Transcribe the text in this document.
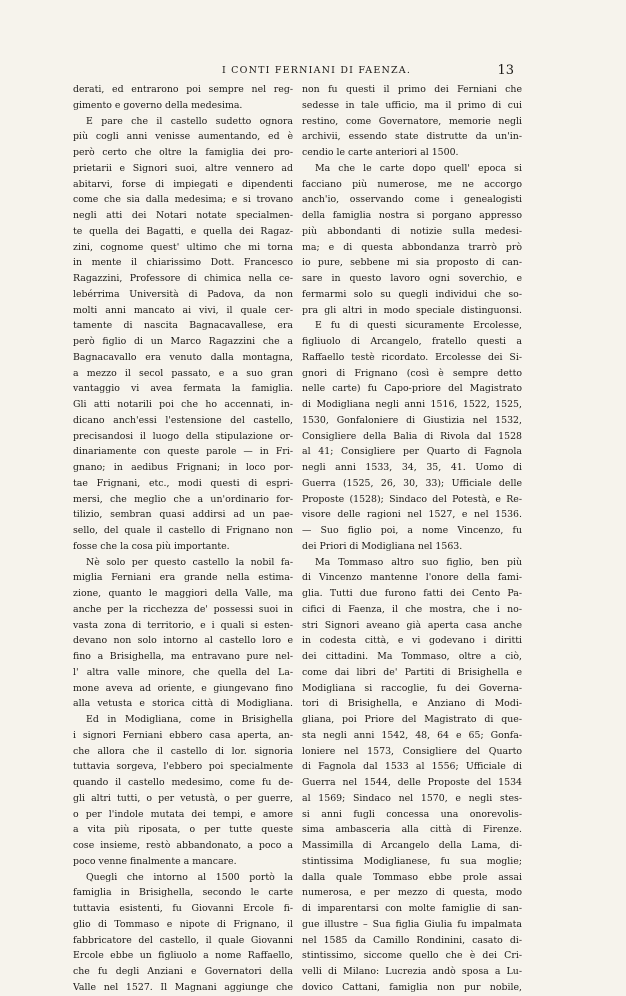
I CONTI FERNIANI DI FAENZA.	13
derati, ed entrarono poi sempre nel reg-
gimento e governo della medesima.
E pare che il castello sudetto ognora
più cogli anni venisse aumentando, ed è
però certo che oltre la famiglia dei pro-
prietarii e Signori suoi, altre vennero ad
abitarvi, forse di impiegati e dipendenti
come che sia dalla medesima; e si trovano
negli atti dei Notari notate specialmen-
te quella dei Bagatti, e quella dei Ragaz-
zini, cognome quest' ultimo che mi torna
in mente il chiarissimo Dott. Francesco
Ragazzini, Professore di chimica nella ce-
lebérrima Università di Padova, da non
molti anni mancato ai vivi, il quale cer-
tamente di nascita Bagnacavallese, era
però figlio di un Marco Ragazzini che a
Bagnacavallo era venuto dalla montagna,
a mezzo il secol passato, e a suo gran
vantaggio vi avea fermata la famiglia.
Gli atti notarili poi che ho accennati, in-
dicano anch'essi l'estensione del castello,
precisandosi il luogo della stipulazione or-
dinariamente con queste parole — in Fri-
gnano; in aedibus Frignani; in loco por-
tae Frignani, etc., modi questi di espri-
mersi, che meglio che a un'ordinario for-
tilizio, sembran quasi addirsi ad un pae-
sello, del quale il castello di Frignano non
fosse che la cosa più importante.
Nè solo per questo castello la nobil fa-
miglia Ferniani era grande nella estima-
zione, quanto le maggiori della Valle, ma
anche per la ricchezza de' possessi suoi in
vasta zona di territorio, e i quali si esten-
devano non solo intorno al castello loro e
fino a Brisighella, ma entravano pure nel-
l' altra valle minore, che quella del La-
mone aveva ad oriente, e giungevano fino
alla vetusta e storica città di Modigliana.
Ed in Modigliana, come in Brisighella
i signori Ferniani ebbero casa aperta, an-
che allora che il castello di lor. signoria
tuttavia sorgeva, l'ebbero poi specialmente
quando il castello medesimo, come fu de-
gli altri tutti, o per vetustà, o per guerre,
o per l'indole mutata dei tempi, e amore
a vita più riposata, o per tutte queste
cose insieme, restò abbandonato, a poco a
poco venne finalmente a mancare.
Quegli che intorno al 1500 portò la
famiglia in Brisighella, secondo le carte
tuttavia esistenti, fu Giovanni Ercole fi-
glio di Tommaso e nipote di Frignano, il
fabbricatore del castello, il quale Giovanni
Ercole ebbe un figliuolo a nome Raffaello,
che fu degli Anziani e Governatori della
Valle nel 1527. Il Magnani aggiunge che
non fu questi il primo dei Ferniani che
sedesse in tale ufficio, ma il primo di cui
restino, come Governatore, memorie negli
archivii, essendo state distrutte da un'in-
cendio le carte anteriori al 1500.
Ma che le carte dopo quell' epoca si
facciano più numerose, me ne accorgo
anch'io, osservando come i genealogisti
della famiglia nostra si porgano appresso
più abbondanti di notizie sulla medesi-
ma; e di questa abbondanza trarrò prò
io pure, sebbene mi sia proposto di can-
sare in questo lavoro ogni soverchio, e
fermarmi solo su quegli individui che so-
pra gli altri in modo speciale distinguonsi.
E fu di questi sicuramente Ercolesse,
figliuolo di Arcangelo, fratello questi a
Raffaello testè ricordato. Ercolesse dei Si-
gnori di Frignano (così è sempre detto
nelle carte) fu Capo-priore del Magistrato
di Modigliana negli anni 1516, 1522, 1525,
1530, Gonfaloniere di Giustizia nel 1532,
Consigliere della Balia di Rivola dal 1528
al 41; Consigliere per Quarto di Fagnola
negli anni 1533, 34, 35, 41. Uomo di
Guerra (1525, 26, 30, 33); Ufficiale delle
Proposte (1528); Sindaco del Potestà, e Re-
visore delle ragioni nel 1527, e nel 1536.
— Suo figlio poi, a nome Vincenzo, fu
dei Priori di Modigliana nel 1563.
Ma Tommaso altro suo figlio, ben più
di Vincenzo mantenne l'onore della fami-
glia. Tutti due furono fatti dei Cento Pa-
cifici di Faenza, il che mostra, che i no-
stri Signori aveano già aperta casa anche
in codesta città, e vi godevano i diritti
dei cittadini. Ma Tommaso, oltre a ciò,
come dai libri de' Partiti di Brisighella e
Modigliana si raccoglie, fu dei Governa-
tori di Brisighella, e Anziano di Modi-
gliana, poi Priore del Magistrato di que-
sta negli anni 1542, 48, 64 e 65; Gonfa-
loniere nel 1573, Consigliere del Quarto
di Fagnola dal 1533 al 1556; Ufficiale di
Guerra nel 1544, delle Proposte del 1534
al 1569; Sindaco nel 1570, e negli stes-
si anni fugli concessa una onorevolis-
sima ambasceria alla città di Firenze.
Massimilla di Arcangelo della Lama, di-
stintissima Modiglianese, fu sua moglie;
dalla quale Tommaso ebbe prole assai
numerosa, e per mezzo di questa, modo
di imparentarsi con molte famiglie di san-
gue illustre – Sua figlia Giulia fu impalmata
nel 1585 da Camillo Rondinini, casato di-
stintissimo, siccome quello che è dei Cri-
velli di Milano: Lucrezia andò sposa a Lu-
dovico Cattani, famiglia non pur nobile,
